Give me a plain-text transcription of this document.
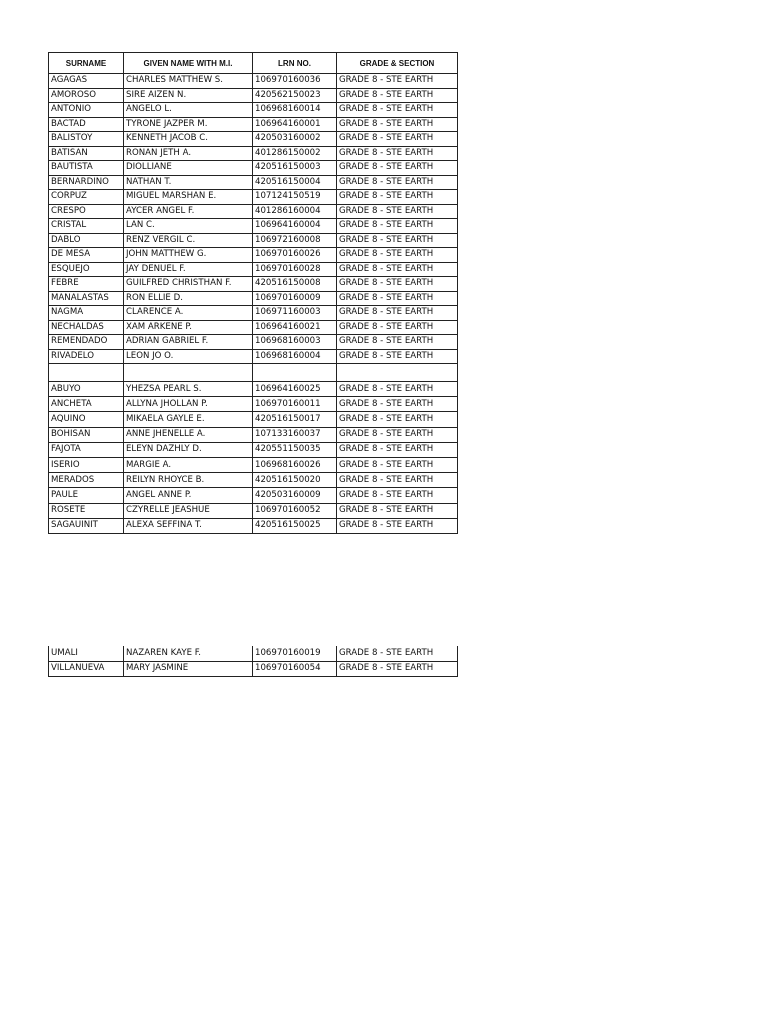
SURNAME	GIVEN NAME WITH M.I.	LRN NO.	GRADE & SECTION
AGAGAS	CHARLES MATTHEW S.	106970160036	GRADE 8 - STE EARTH
AMOROSO	SIRE AIZEN N.	420562150023	GRADE 8 - STE EARTH
ANTONIO	ANGELO L.	106968160014	GRADE 8 - STE EARTH
BACTAD	TYRONE JAZPER M.	106964160001	GRADE 8 - STE EARTH
BALISTOY	KENNETH JACOB C.	420503160002	GRADE 8 - STE EARTH
BATISAN	RONAN JETH A.	401286150002	GRADE 8 - STE EARTH
BAUTISTA	DIOLLIANE	420516150003	GRADE 8 - STE EARTH
BERNARDINO	NATHAN T.	420516150004	GRADE 8 - STE EARTH
CORPUZ	MIGUEL MARSHAN E.	107124150519	GRADE 8 - STE EARTH
CRESPO	AYCER ANGEL F.	401286160004	GRADE 8 - STE EARTH
CRISTAL	LAN C.	106964160004	GRADE 8 - STE EARTH
DABLO	RENZ VERGIL C.	106972160008	GRADE 8 - STE EARTH
DE MESA	JOHN MATTHEW G.	106970160026	GRADE 8 - STE EARTH
ESQUEJO	JAY DENUEL F.	106970160028	GRADE 8 - STE EARTH
FEBRE	GUILFRED CHRISTHAN F.	420516150008	GRADE 8 - STE EARTH
MANALASTAS	RON ELLIE D.	106970160009	GRADE 8 - STE EARTH
NAGMA	CLARENCE A.	106971160003	GRADE 8 - STE EARTH
NECHALDAS	XAM ARKENE P.	106964160021	GRADE 8 - STE EARTH
REMENDADO	ADRIAN GABRIEL F.	106968160003	GRADE 8 - STE EARTH
RIVADELO	LEON JO O.	106968160004	GRADE 8 - STE EARTH

ABUYO	YHEZSA PEARL S.	106964160025	GRADE 8 - STE EARTH
ANCHETA	ALLYNA JHOLLAN P.	106970160011	GRADE 8 - STE EARTH
AQUINO	MIKAELA GAYLE E.	420516150017	GRADE 8 - STE EARTH
BOHISAN	ANNE JHENELLE A.	107133160037	GRADE 8 - STE EARTH
FAJOTA	ELEYN DAZHLY D.	420551150035	GRADE 8 - STE EARTH
ISERIO	MARGIE A.	106968160026	GRADE 8 - STE EARTH
MERADOS	REILYN RHOYCE B.	420516150020	GRADE 8 - STE EARTH
PAULE	ANGEL ANNE P.	420503160009	GRADE 8 - STE EARTH
ROSETE	CZYRELLE JEASHUE	106970160052	GRADE 8 - STE EARTH
SAGAUINIT	ALEXA SEFFINA T.	420516150025	GRADE 8 - STE EARTH
UMALI	NAZAREN KAYE F.	106970160019	GRADE 8 - STE EARTH
VILLANUEVA	MARY JASMINE	106970160054	GRADE 8 - STE EARTH
